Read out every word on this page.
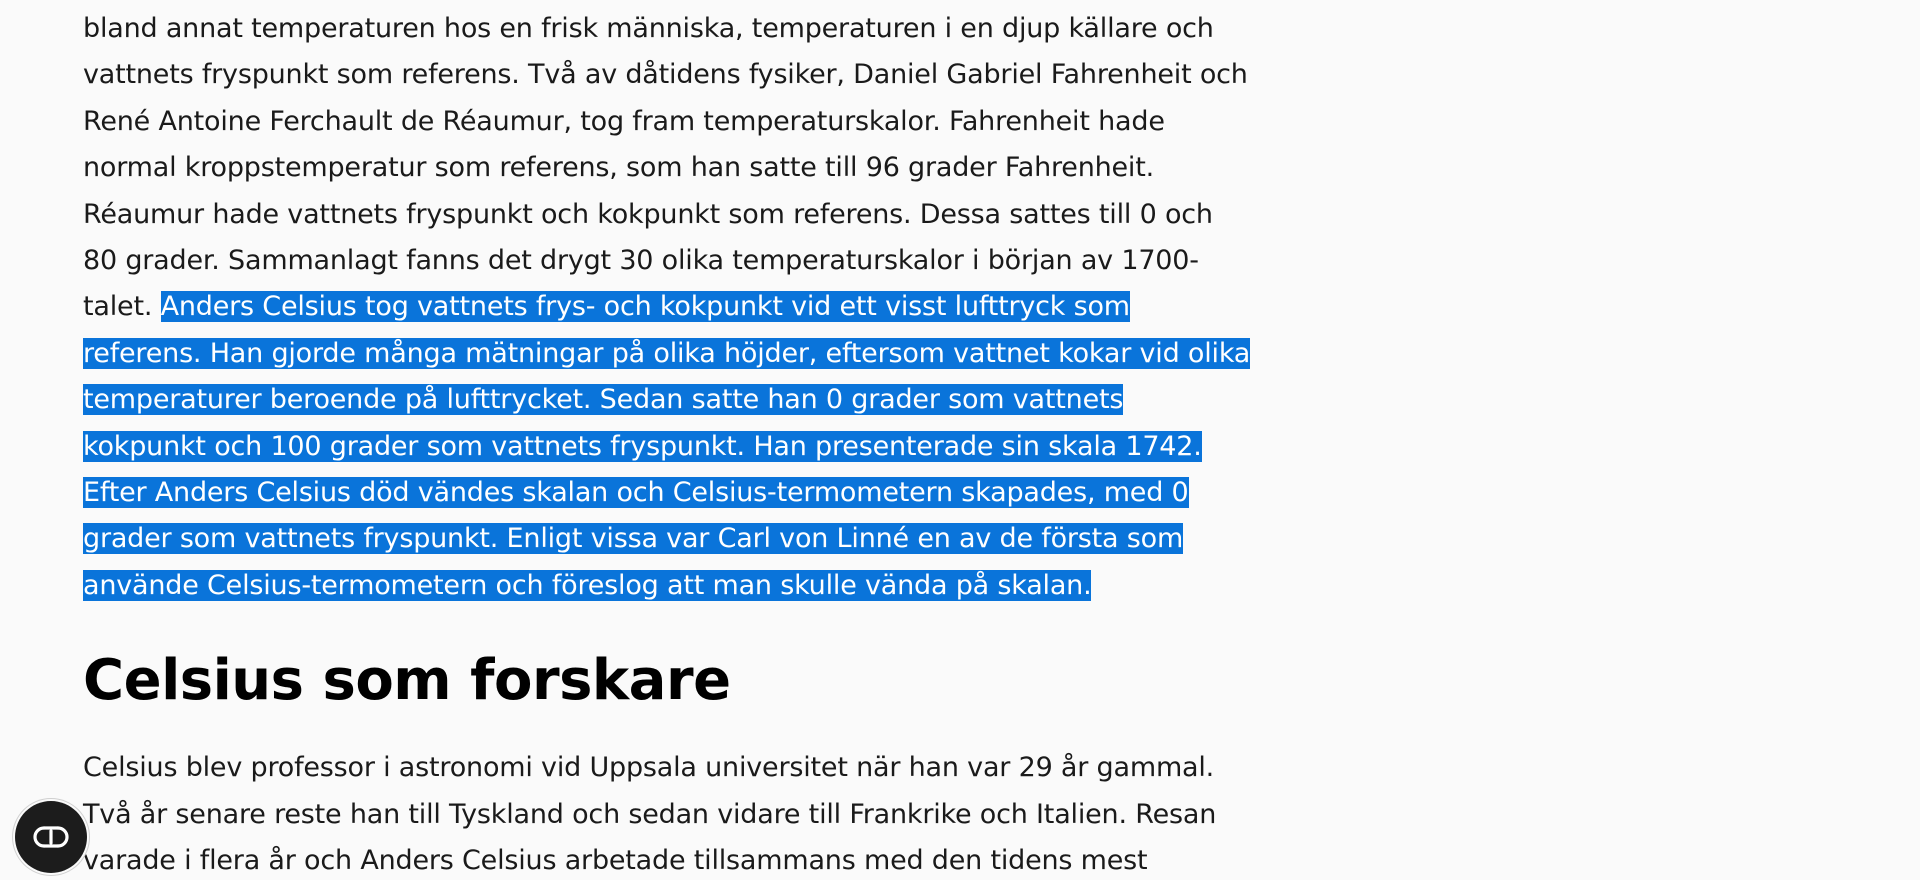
bland annat temperaturen hos en frisk människa, temperaturen i en djup källare och vattnets fryspunkt som referens. Två av dåtidens fysiker, Daniel Gabriel Fahrenheit och René Antoine Ferchault de Réaumur, tog fram temperaturskalor. Fahrenheit hade normal kroppstemperatur som referens, som han satte till 96 grader Fahrenheit. Réaumur hade vattnets fryspunkt och kokpunkt som referens. Dessa sattes till 0 och 80 grader. Sammanlagt fanns det drygt 30 olika temperaturskalor i början av 1700-talet. Anders Celsius tog vattnets frys- och kokpunkt vid ett visst lufttryck som referens. Han gjorde många mätningar på olika höjder, eftersom vattnet kokar vid olika temperaturer beroende på lufttrycket. Sedan satte han 0 grader som vattnets kokpunkt och 100 grader som vattnets fryspunkt. Han presenterade sin skala 1742. Efter Anders Celsius död vändes skalan och Celsius-termometern skapades, med 0 grader som vattnets fryspunkt. Enligt vissa var Carl von Linné en av de första som använde Celsius-termometern och föreslog att man skulle vända på skalan.

Celsius som forskare

Celsius blev professor i astronomi vid Uppsala universitet när han var 29 år gammal. Två år senare reste han till Tyskland och sedan vidare till Frankrike och Italien. Resan varade i flera år och Anders Celsius arbetade tillsammans med den tidens mest
